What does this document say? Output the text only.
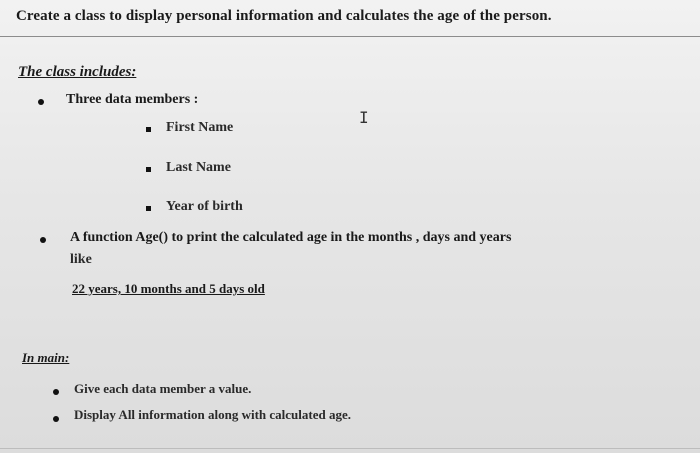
Create a class to display personal information and calculates the age of the person.
The class includes:
Three data members :
I
First Name
Last Name
Year of birth
A function Age() to print the calculated age in the months , days and years
like
22 years, 10 months and 5 days old
In main:
Give each data member a value.
Display All information along with calculated age.
